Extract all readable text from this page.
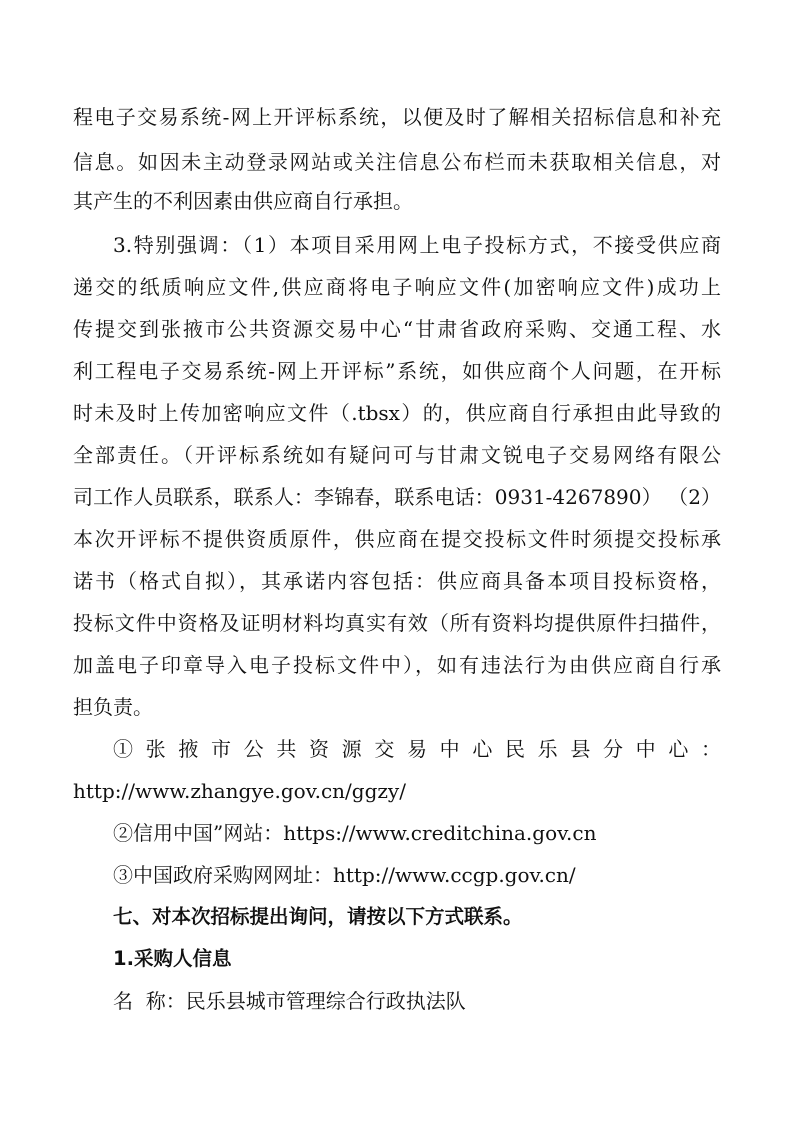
程电子交易系统-网上开评标系统，以便及时了解相关招标信息和补充
信息。如因未主动登录网站或关注信息公布栏而未获取相关信息，对
其产生的不利因素由供应商自行承担。
3.特别强调：（1）本项目采用网上电子投标方式，不接受供应商
递交的纸质响应文件,供应商将电子响应文件(加密响应文件)成功上
传提交到张掖市公共资源交易中心“甘肃省政府采购、交通工程、水
利工程电子交易系统-网上开评标”系统，如供应商个人问题，在开标
时未及时上传加密响应文件（.tbsx）的，供应商自行承担由此导致的
全部责任。（开评标系统如有疑问可与甘肃文锐电子交易网络有限公
司工作人员联系，联系人：李锦春，联系电话：0931-4267890） （2）
本次开评标不提供资质原件，供应商在提交投标文件时须提交投标承
诺书（格式自拟），其承诺内容包括：供应商具备本项目投标资格，
投标文件中资格及证明材料均真实有效（所有资料均提供原件扫描件，
加盖电子印章导入电子投标文件中），如有违法行为由供应商自行承
担负责。
①张掖市公共资源交易中心民乐县分中心：
http://www.zhangye.gov.cn/ggzy/
②信用中国”网站：https://www.creditchina.gov.cn
③中国政府采购网网址：http://www.ccgp.gov.cn/
七、对本次招标提出询问，请按以下方式联系。
1.采购人信息
名  称：民乐县城市管理综合行政执法队
